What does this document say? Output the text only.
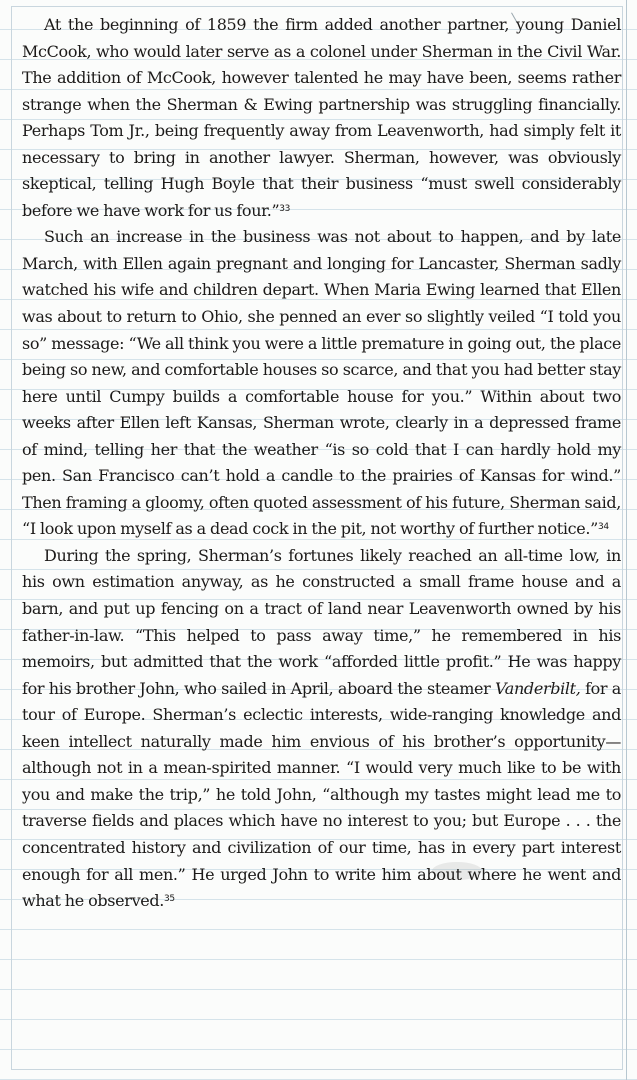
At the beginning of 1859 the firm added another partner, young Daniel McCook, who would later serve as a colonel under Sherman in the Civil War. The addition of McCook, however talented he may have been, seems rather strange when the Sherman & Ewing partnership was struggling financially. Perhaps Tom Jr., being frequently away from Leavenworth, had simply felt it necessary to bring in another lawyer. Sherman, however, was obviously skeptical, telling Hugh Boyle that their business “must swell considerably before we have work for us four.”$^{33}$

Such an increase in the business was not about to happen, and by late March, with Ellen again pregnant and longing for Lancaster, Sherman sadly watched his wife and children depart. When Maria Ewing learned that Ellen was about to return to Ohio, she penned an ever so slightly veiled “I told you so” message: “We all think you were a little premature in going out, the place being so new, and comfortable houses so scarce, and that you had better stay here until Cumpy builds a comfortable house for you.” Within about two weeks after Ellen left Kansas, Sherman wrote, clearly in a depressed frame of mind, telling her that the weather “is so cold that I can hardly hold my pen. San Francisco can’t hold a candle to the prairies of Kansas for wind.” Then framing a gloomy, often quoted assessment of his future, Sherman said, “I look upon myself as a dead cock in the pit, not worthy of further notice.”$^{34}$

During the spring, Sherman’s fortunes likely reached an all-time low, in his own estimation anyway, as he constructed a small frame house and a barn, and put up fencing on a tract of land near Leavenworth owned by his father-in-law. “This helped to pass away time,” he remembered in his memoirs, but admitted that the work “afforded little profit.” He was happy for his brother John, who sailed in April, aboard the steamer Vanderbilt, for a tour of Europe. Sherman’s eclectic interests, wide-ranging knowledge and keen intellect naturally made him envious of his brother’s opportunity—although not in a mean-spirited manner. “I would very much like to be with you and make the trip,” he told John, “although my tastes might lead me to traverse fields and places which have no interest to you; but Europe . . . the concentrated history and civilization of our time, has in every part interest enough for all men.” He urged John to write him about where he went and what he observed.$^{35}$
